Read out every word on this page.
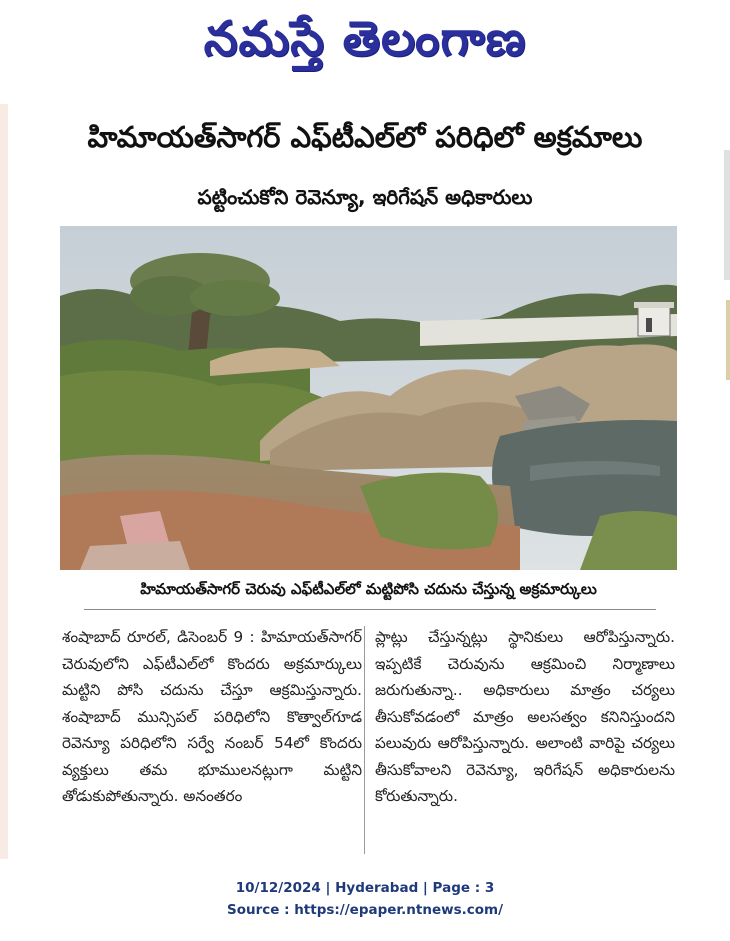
నమస్తే తెలంగాణ
హిమాయత్‌సాగర్ ఎఫ్‌టీఎల్‌లో పరిధిలో అక్రమాలు
పట్టించుకోని రెవెన్యూ, ఇరిగేషన్ అధికారులు
హిమాయత్‌సాగర్ చెరువు ఎఫ్‌టీఎల్‌లో మట్టిపోసి చదును చేస్తున్న అక్రమార్కులు
శంషాబాద్ రూరల్, డిసెంబర్ 9 : హిమాయత్‌సాగర్ చెరువులోని ఎఫ్‌టీఎల్‌లో కొందరు అక్రమార్కులు మట్టిని పోసి చదును చేస్తూ ఆక్రమిస్తున్నారు. శంషాబాద్ మున్సిపల్ పరిధిలోని కొత్వాల్‌గూడ రెవెన్యూ పరిధిలోని సర్వే నంబర్ 54లో కొందరు వ్యక్తులు తమ భూములనట్లుగా మట్టిని తోడుకుపోతున్నారు. అనంతరం
ప్లాట్లు చేస్తున్నట్లు స్థానికులు ఆరోపిస్తున్నారు. ఇప్పటికే చెరువును ఆక్రమించి నిర్మాణాలు జరుగుతున్నా.. అధికారులు మాత్రం చర్యలు తీసుకోవడంలో మాత్రం అలసత్వం కనినిస్తుందని పలువురు ఆరోపిస్తున్నారు. అలాంటి వారిపై చర్యలు తీసుకోవాలని రెవెన్యూ, ఇరిగేషన్ అధికారులను కోరుతున్నారు.
10/12/2024 | Hyderabad | Page : 3
Source : https://epaper.ntnews.com/
